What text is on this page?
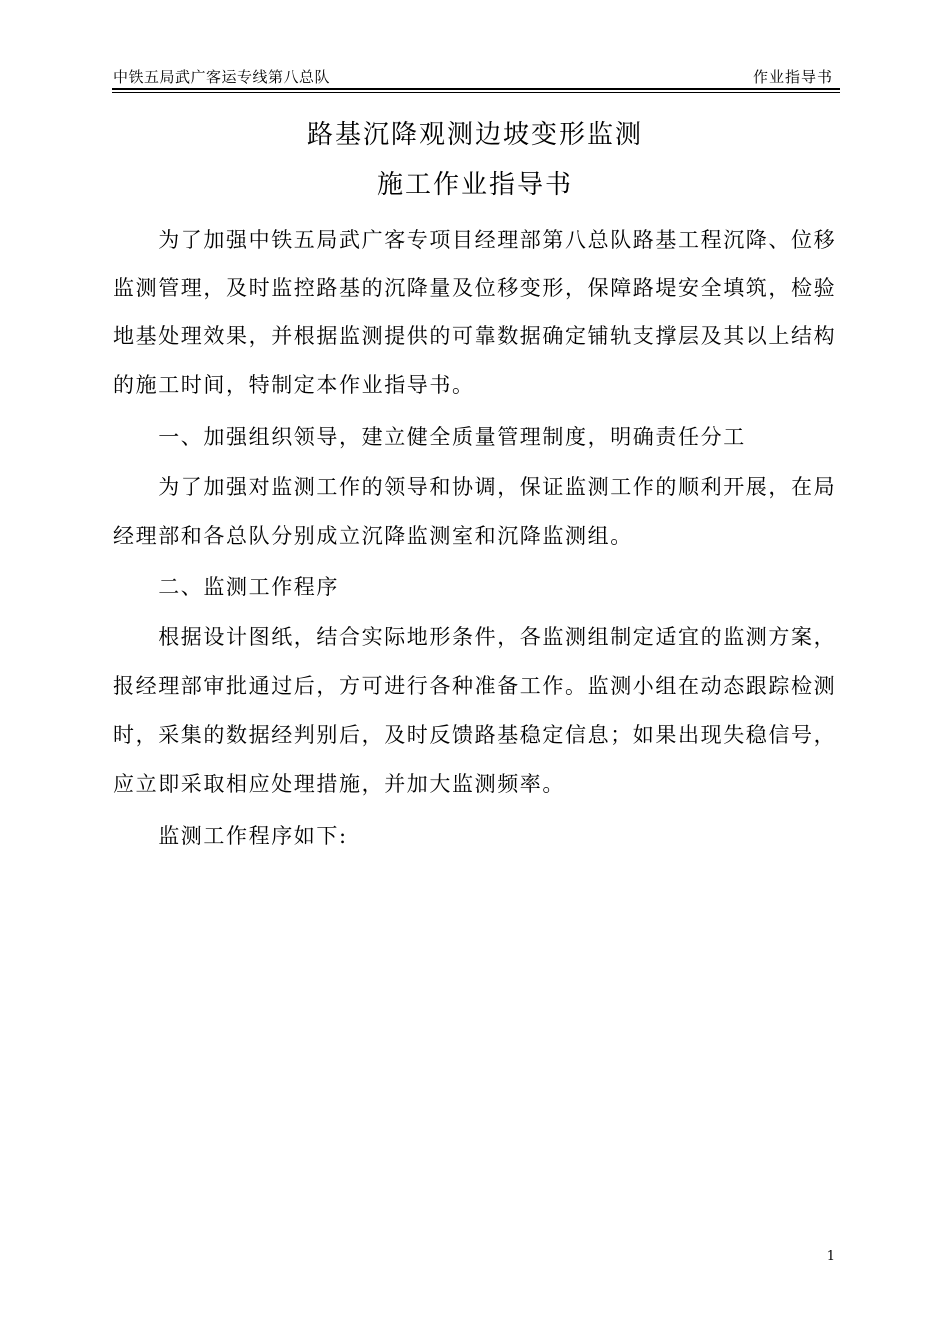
中铁五局武广客运专线第八总队	作业指导书
路基沉降观测边坡变形监测
施工作业指导书
　　为了加强中铁五局武广客专项目经理部第八总队路基工程沉降、位移
监测管理，及时监控路基的沉降量及位移变形，保障路堤安全填筑，检验
地基处理效果，并根据监测提供的可靠数据确定铺轨支撑层及其以上结构
的施工时间，特制定本作业指导书。
　　一、加强组织领导，建立健全质量管理制度，明确责任分工
　　为了加强对监测工作的领导和协调，保证监测工作的顺利开展，在局
经理部和各总队分别成立沉降监测室和沉降监测组。
　　二、监测工作程序
　　根据设计图纸，结合实际地形条件，各监测组制定适宜的监测方案，
报经理部审批通过后，方可进行各种准备工作。监测小组在动态跟踪检测
时，采集的数据经判别后，及时反馈路基稳定信息；如果出现失稳信号，
应立即采取相应处理措施，并加大监测频率。
　　监测工作程序如下:
1
